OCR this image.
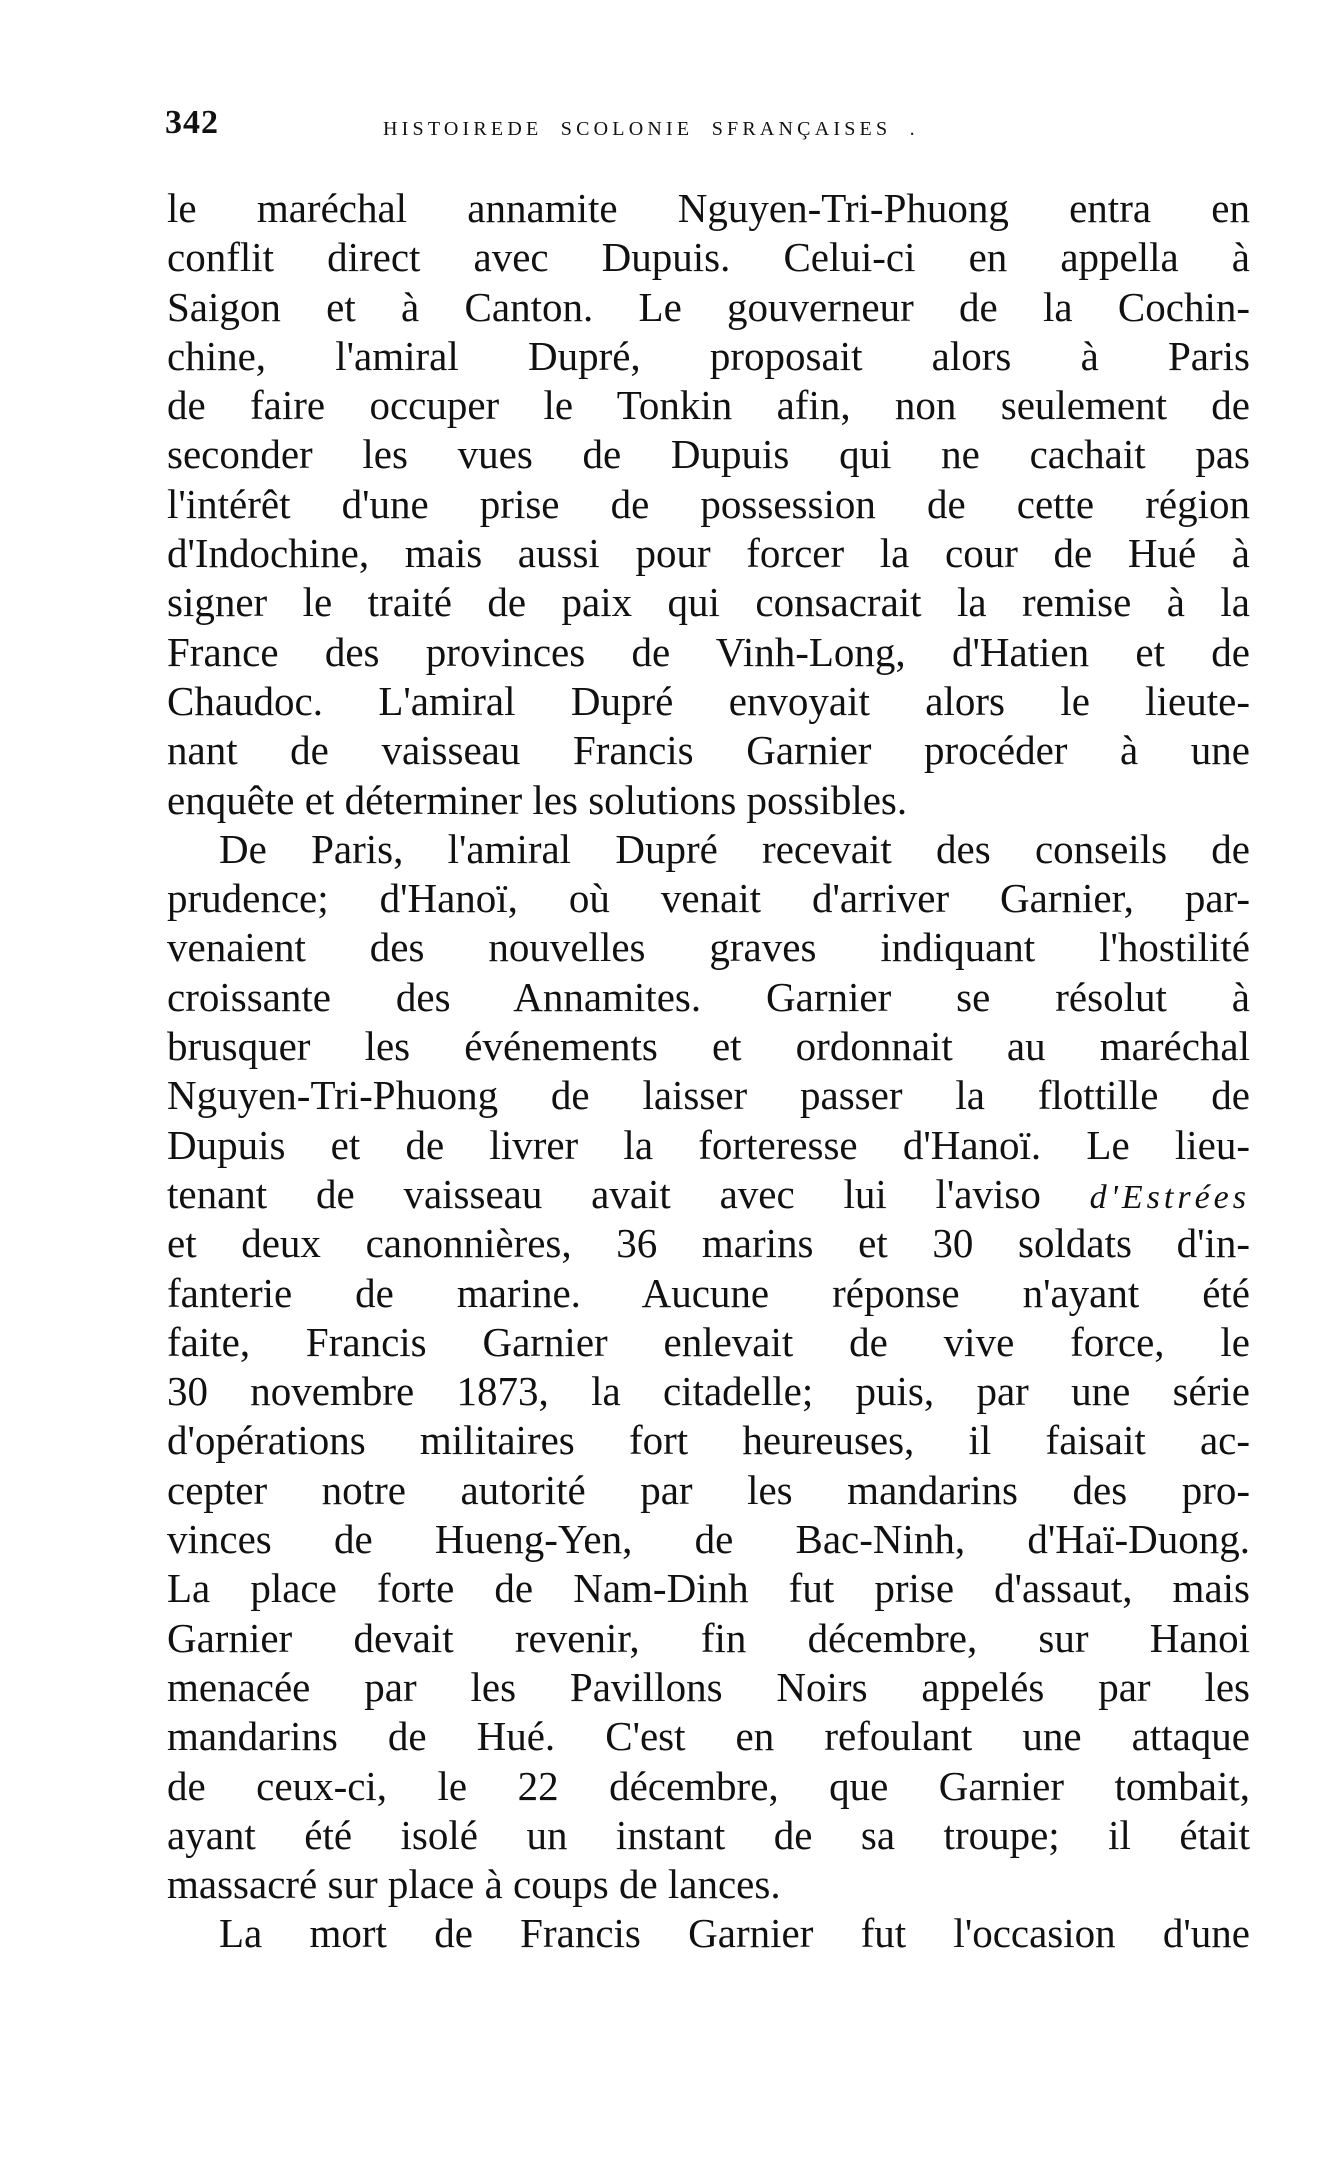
342	HISTOIREDE  SCOLONIE  SFRANÇAISES  .
le maréchal annamite Nguyen-Tri-Phuong entra en
conflit direct avec Dupuis. Celui-ci en appella à
Saigon et à Canton. Le gouverneur de la Cochin-
chine, l'amiral Dupré, proposait alors à Paris
de faire occuper le Tonkin afin, non seulement de
seconder les vues de Dupuis qui ne cachait pas
l'intérêt d'une prise de possession de cette région
d'Indochine, mais aussi pour forcer la cour de Hué à
signer le traité de paix qui consacrait la remise à la
France des provinces de Vinh-Long, d'Hatien et de
Chaudoc. L'amiral Dupré envoyait alors le lieute-
nant de vaisseau Francis Garnier procéder à une
enquête et déterminer les solutions possibles.
De Paris, l'amiral Dupré recevait des conseils de
prudence; d'Hanoï, où venait d'arriver Garnier, par-
venaient des nouvelles graves indiquant l'hostilité
croissante des Annamites. Garnier se résolut à
brusquer les événements et ordonnait au maréchal
Nguyen-Tri-Phuong de laisser passer la flottille de
Dupuis et de livrer la forteresse d'Hanoï. Le lieu-
tenant de vaisseau avait avec lui l'aviso d'Estrées
et deux canonnières, 36 marins et 30 soldats d'in-
fanterie de marine. Aucune réponse n'ayant été
faite, Francis Garnier enlevait de vive force, le
30 novembre 1873, la citadelle; puis, par une série
d'opérations militaires fort heureuses, il faisait ac-
cepter notre autorité par les mandarins des pro-
vinces de Hueng-Yen, de Bac-Ninh, d'Haï-Duong.
La place forte de Nam-Dinh fut prise d'assaut, mais
Garnier devait revenir, fin décembre, sur Hanoi
menacée par les Pavillons Noirs appelés par les
mandarins de Hué. C'est en refoulant une attaque
de ceux-ci, le 22 décembre, que Garnier tombait,
ayant été isolé un instant de sa troupe; il était
massacré sur place à coups de lances.
La mort de Francis Garnier fut l'occasion d'une
